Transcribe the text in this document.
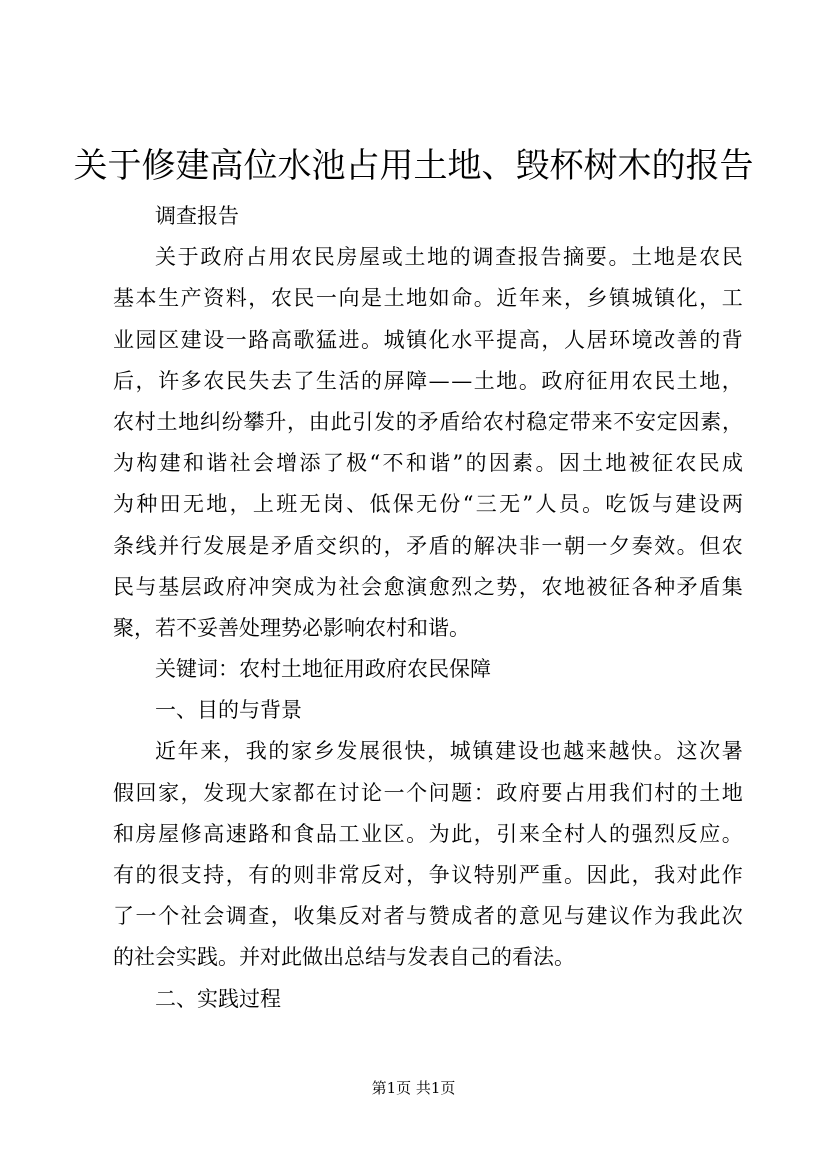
关于修建高位水池占用土地、毁杯树木的报告
调查报告
关 于 政 府 占 用 农 民 房 屋 或 土 地 的 调 查 报 告 摘 要 。 土 地 是 农 民
基 本 生 产 资 料 ， 农 民 一 向 是 土 地 如 命 。 近 年 来 ， 乡 镇 城 镇 化 ， 工
业 园 区 建 设 一 路 高 歌 猛 进 。 城 镇 化 水 平 提 高 ， 人 居 环 境 改 善 的 背
后 ， 许 多 农 民 失 去 了 生 活 的 屏 障 — — 土 地 。 政 府 征 用 农 民 土 地 ，
农 村 土 地 纠 纷 攀 升 ， 由 此 引 发 的 矛 盾 给 农 村 稳 定 带 来 不 安 定 因 素 ，
为 构 建 和 谐 社 会 增 添 了 极 “ 不 和 谐 ” 的 因 素 。 因 土 地 被 征 农 民 成
为 种 田 无 地 ， 上 班 无 岗 、 低 保 无 份 “ 三 无 ” 人 员 。 吃 饭 与 建 设 两
条 线 并 行 发 展 是 矛 盾 交 织 的 ， 矛 盾 的 解 决 非 一 朝 一 夕 奏 效 。 但 农
民 与 基 层 政 府 冲 突 成 为 社 会 愈 演 愈 烈 之 势 ， 农 地 被 征 各 种 矛 盾 集
聚，若不妥善处理势必影响农村和谐。
关键词：农村土地征用政府农民保障
一、目的与背景
近 年 来 ， 我 的 家 乡 发 展 很 快 ， 城 镇 建 设 也 越 来 越 快 。 这 次 暑
假 回 家 ， 发 现 大 家 都 在 讨 论 一 个 问 题 ： 政 府 要 占 用 我 们 村 的 土 地
和 房 屋 修 高 速 路 和 食 品 工 业 区 。 为 此 ， 引 来 全 村 人 的 强 烈 反 应 。
有 的 很 支 持 ， 有 的 则 非 常 反 对 ， 争 议 特 别 严 重 。 因 此 ， 我 对 此 作
了 一 个 社 会 调 查 ， 收 集 反 对 者 与 赞 成 者 的 意 见 与 建 议 作 为 我 此 次
的社会实践。并对此做出总结与发表自己的看法。
二、实践过程
第1页 共1页
